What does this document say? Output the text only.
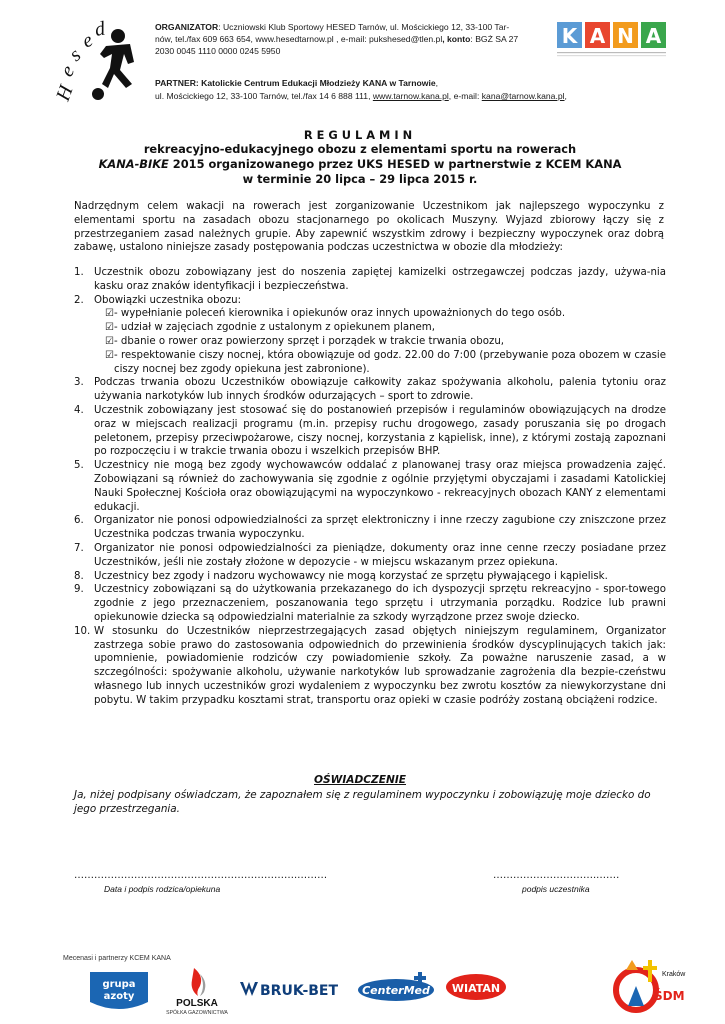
H
e
s
e
d	ORGANIZATOR: Uczniowski Klub Sportowy HESED Tarnów, ul. Mościckiego 12, 33-100 Tar-
nów, tel./fax 609 663 654, www.hesedtarnow.pl , e-mail: pukshesed@tlen.pl, konto: BGŻ SA 27
2030 0045 1110 0000 0245 5950
K A N A
PARTNER: Katolickie Centrum Edukacji Młodzieży KANA w Tarnowie,
ul. Mościckiego 12, 33-100 Tarnów, tel./fax 14 6 888 111, www.tarnow.kana.pl, e-mail: kana@tarnow.kana.pl,
REGULAMIN
rekreacyjno-edukacyjnego obozu z elementami sportu na rowerach
KANA-BIKE 2015 organizowanego przez UKS HESED w partnerstwie z KCEM KANA
w terminie 20 lipca – 29 lipca 2015 r.
Nadrzędnym celem wakacji na rowerach jest zorganizowanie Uczestnikom jak najlepszego wypoczynku z elementami sportu na zasadach obozu stacjonarnego po okolicach Muszyny. Wyjazd zbiorowy łączy się z przestrzeganiem zasad należnych grupie. Aby zapewnić wszystkim zdrowy i bezpieczny wypoczynek oraz dobrą zabawę, ustalono niniejsze zasady postępowania podczas uczestnictwa w obozie dla młodzieży:
1. Uczestnik obozu zobowiązany jest do noszenia zapiętej kamizelki ostrzegawczej podczas jazdy, używa-nia kasku oraz znaków identyfikacji i bezpieczeństwa.
2. Obowiązki uczestnika obozu:
☑ - wypełnianie poleceń kierownika i opiekunów oraz innych upoważnionych do tego osób.
☑ - udział w zajęciach zgodnie z ustalonym z opiekunem planem,
☑ - dbanie o rower oraz powierzony sprzęt i porządek w trakcie trwania obozu,
☑ - respektowanie ciszy nocnej, która obowiązuje od godz. 22.00 do 7:00 (przebywanie poza obozem w czasie ciszy nocnej bez zgody opiekuna jest zabronione).
3. Podczas trwania obozu Uczestników obowiązuje całkowity zakaz spożywania alkoholu, palenia tytoniu oraz używania narkotyków lub innych środków odurzających – sport to zdrowie.
4. Uczestnik zobowiązany jest stosować się do postanowień przepisów i regulaminów obowiązujących na drodze oraz w miejscach realizacji programu (m.in. przepisy ruchu drogowego, zasady poruszania się po drogach peletonem, przepisy przeciwpożarowe, ciszy nocnej, korzystania z kąpielisk, inne), z którymi zostają zapoznani po rozpoczęciu i w trakcie trwania obozu i wszelkich przepisów BHP.
5. Uczestnicy nie mogą bez zgody wychowawców oddalać z planowanej trasy oraz miejsca prowadzenia zajęć. Zobowiązani są również do zachowywania się zgodnie z ogólnie przyjętymi obyczajami i zasadami Katolickiej Nauki Społecznej Kościoła oraz obowiązującymi na wypoczynkowo - rekreacyjnych obozach KANY z elementami edukacji.
6. Organizator nie ponosi odpowiedzialności za sprzęt elektroniczny i inne rzeczy zagubione czy zniszczone przez Uczestnika podczas trwania wypoczynku.
7. Organizator nie ponosi odpowiedzialności za pieniądze, dokumenty oraz inne cenne rzeczy posiadane przez Uczestników, jeśli nie zostały złożone w depozycie - w miejscu wskazanym przez opiekuna.
8. Uczestnicy bez zgody i nadzoru wychowawcy nie mogą korzystać ze sprzętu pływającego i kąpielisk.
9. Uczestnicy zobowiązani są do użytkowania przekazanego do ich dyspozycji sprzętu rekreacyjno - spor-towego zgodnie z jego przeznaczeniem, poszanowania tego sprzętu i utrzymania porządku. Rodzice lub prawni opiekunowie dziecka są odpowiedzialni materialnie za szkody wyrządzone przez swoje dziecko.
10. W stosunku do Uczestników nieprzestrzegających zasad objętych niniejszym regulaminem, Organizator zastrzega sobie prawo do zastosowania odpowiednich do przewinienia środków dyscyplinujących takich jak: upomnienie, powiadomienie rodziców czy powiadomienie szkoły. Za poważne naruszenie zasad, a w szczególności: spożywanie alkoholu, używanie narkotyków lub sprowadzanie zagrożenia dla bezpie-czeństwu własnego lub innych uczestników grozi wydaleniem z wypoczynku bez zwrotu kosztów za niewykorzystane dni pobytu. W takim przypadku kosztami strat, transportu oraz opieki w czasie podróży zostaną obciążeni rodzice.
OŚWIADCZENIE
Ja, niżej podpisany oświadczam, że zapoznałem się z regulaminem wypoczynku i zobowiązuję moje dziecko do jego przestrzegania.
………………………………………………………….………
Data i podpis rodzica/opiekuna
…………………………..……
podpis uczestnika
Mecenasi i partnerzy KCEM KANA
grupa
azoty
POLSKA
SPÓŁKA GAZOWNICTWA
BRUK-BET CenterMed WIATAN
Kraków
ŚDM
